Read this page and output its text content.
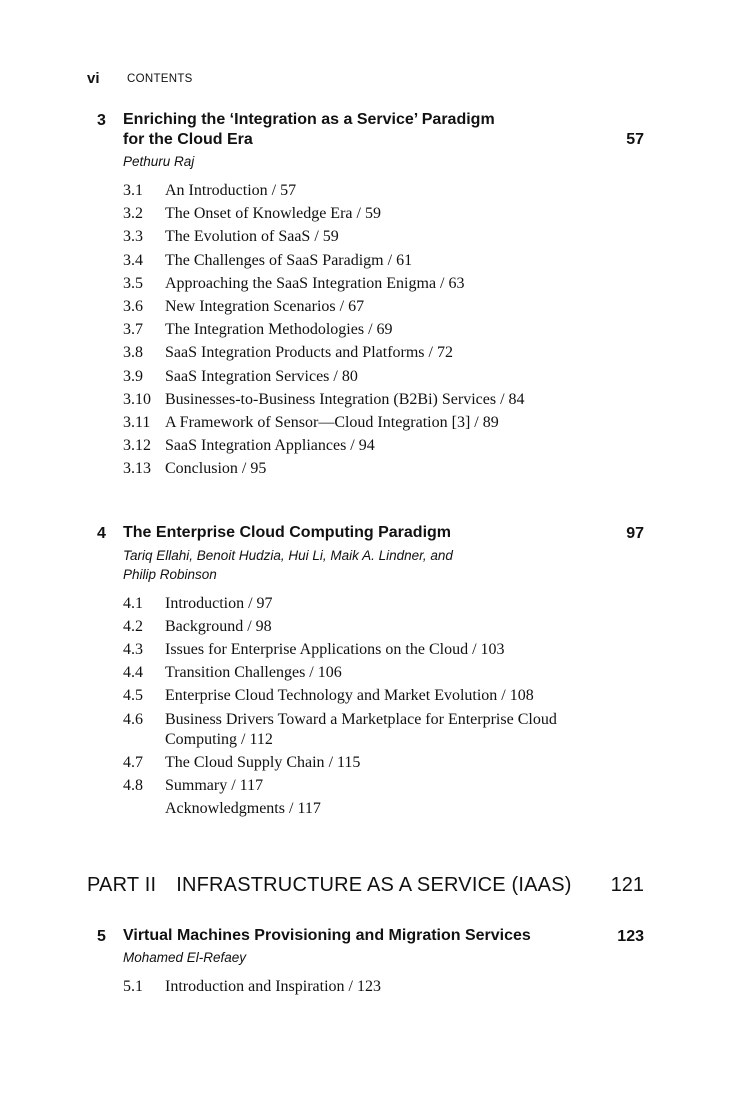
vi CONTENTS
3 Enriching the ‘Integration as a Service’ Paradigm
for the Cloud Era	57
Pethuru Raj
3.1 An Introduction / 57
3.2 The Onset of Knowledge Era / 59
3.3 The Evolution of SaaS / 59
3.4 The Challenges of SaaS Paradigm / 61
3.5 Approaching the SaaS Integration Enigma / 63
3.6 New Integration Scenarios / 67
3.7 The Integration Methodologies / 69
3.8 SaaS Integration Products and Platforms / 72
3.9 SaaS Integration Services / 80
3.10 Businesses-to-Business Integration (B2Bi) Services / 84
3.11 A Framework of Sensor—Cloud Integration [3] / 89
3.12 SaaS Integration Appliances / 94
3.13 Conclusion / 95
4 The Enterprise Cloud Computing Paradigm	97
Tariq Ellahi, Benoit Hudzia, Hui Li, Maik A. Lindner, and
Philip Robinson
4.1 Introduction / 97
4.2 Background / 98
4.3 Issues for Enterprise Applications on the Cloud / 103
4.4 Transition Challenges / 106
4.5 Enterprise Cloud Technology and Market Evolution / 108
4.6 Business Drivers Toward a Marketplace for Enterprise Cloud
Computing / 112
4.7 The Cloud Supply Chain / 115
4.8 Summary / 117
Acknowledgments / 117
PART II INFRASTRUCTURE AS A SERVICE (IAAS) 121
5 Virtual Machines Provisioning and Migration Services	123
Mohamed El-Refaey
5.1 Introduction and Inspiration / 123
